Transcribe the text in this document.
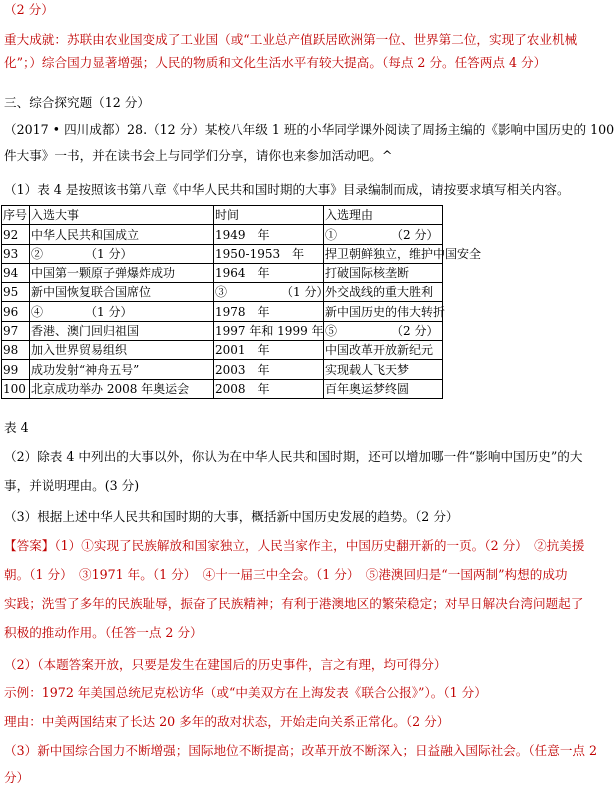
（2 分）
重大成就：苏联由农业国变成了工业国（或“工业总产值跃居欧洲第一位、世界第二位，实现了农业机械
化”；）综合国力显著增强；人民的物质和文化生活水平有较大提高。（每点 2 分。任答两点 4 分）
三、综合探究题（12 分）
（2017 • 四川成都）28.（12 分）某校八年级 1 班的小华同学课外阅读了周扬主编的《影响中国历史的 100
件大事》一书，并在读书会上与同学们分享，请你也来参加活动吧。^
（1）表 4 是按照该书第八章《中华人民共和国时期的大事》目录编制而成，请按要求填写相关内容。
序号	入选大事	时间	入选理由
92	中华人民共和国成立	1949　年	①　　　　　（2 分）
93	②　　　　（1 分）	1950-1953　年	捍卫朝鲜独立，维护中国安全
94	中国第一颗原子弹爆炸成功	1964　年	打破国际核垄断
95	新中国恢复联合国席位	③　　　　　（1 分）	外交战线的重大胜利
96	④　　　　（1 分）	1978　年	新中国历史的伟大转折
97	香港、澳门回归祖国	1997 年和 1999 年	⑤　　　　　（2 分）
98	加入世界贸易组织	2001　年	中国改革开放新纪元
99	成功发射“神舟五号”	2003　年	实现载人飞天梦
100	北京成功举办 2008 年奥运会	2008　年	百年奥运梦终圆
表 4
（2）除表 4 中列出的大事以外，你认为在中华人民共和国时期，还可以增加哪一件“影响中国历史”的大
事，并说明理由。(3 分)
（3）根据上述中华人民共和国时期的大事，概括新中国历史发展的趋势。（2 分）
【答案】（1）①实现了民族解放和国家独立，人民当家作主，中国历史翻开新的一页。（2 分）　②抗美援
朝。（1 分）　③1971 年。（1 分）　④十一届三中全会。（1 分）　⑤港澳回归是“一国两制”构想的成功
实践；洗雪了多年的民族耻辱，振奋了民族精神；有利于港澳地区的繁荣稳定；对早日解决台湾问题起了
积极的推动作用。（任答一点 2 分）
（2）（本题答案开放，只要是发生在建国后的历史事件，言之有理，均可得分）
示例：1972 年美国总统尼克松访华（或“中美双方在上海发表《联合公报》”）。（1 分）
理由：中美两国结束了长达 20 多年的敌对状态，开始走向关系正常化。（2 分）
（3）新中国综合国力不断增强；国际地位不断提高；改革开放不断深入；日益融入国际社会。（任意一点 2
分）
